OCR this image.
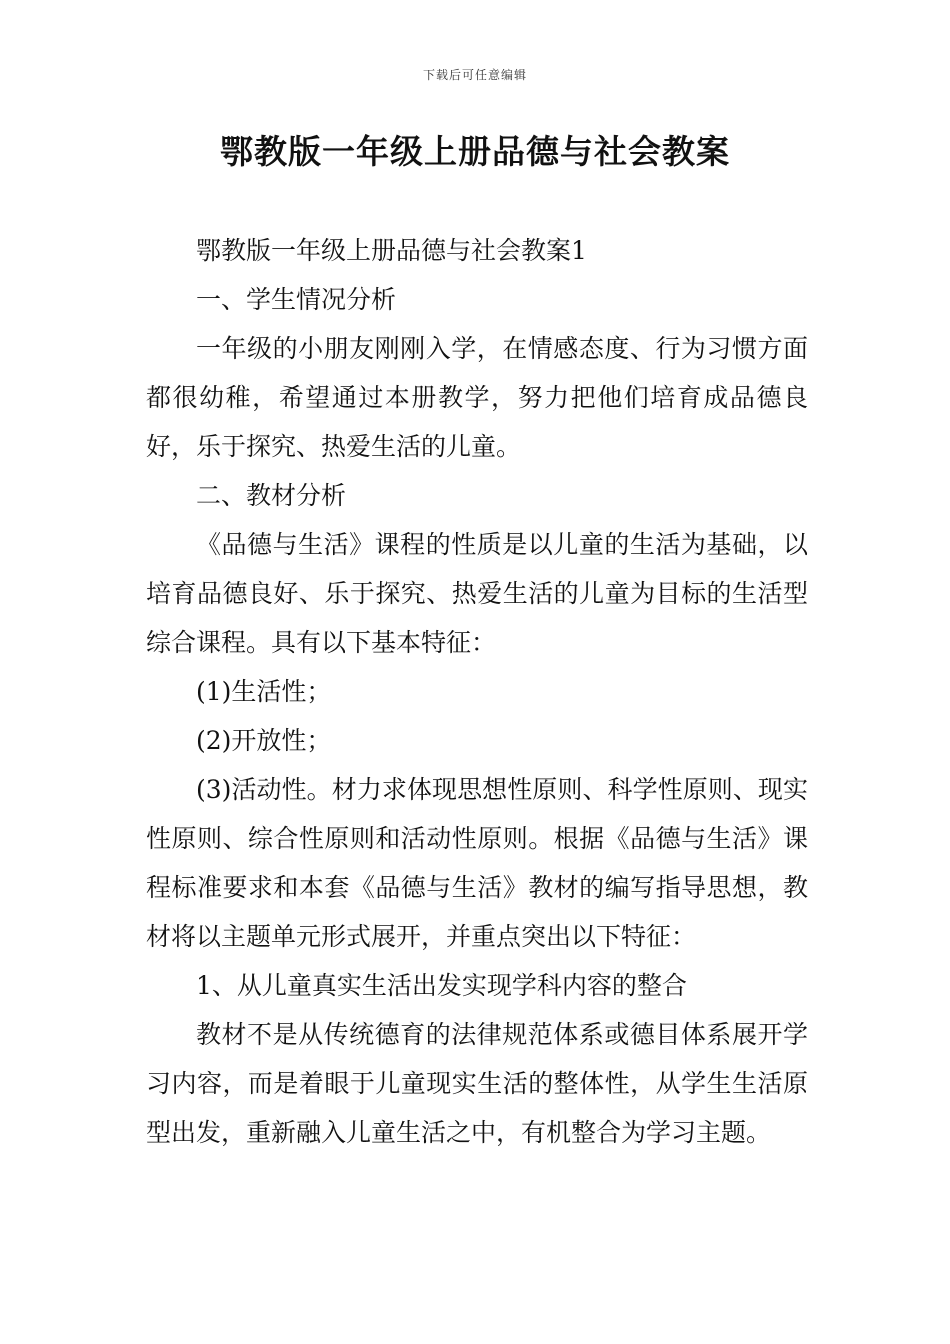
下载后可任意编辑
鄂教版一年级上册品德与社会教案

鄂教版一年级上册品德与社会教案1

一、学生情况分析

一年级的小朋友刚刚入学，在情感态度、行为习惯方面都很幼稚，希望通过本册教学，努力把他们培育成品德良好，乐于探究、热爱生活的儿童。

二、教材分析

《品德与生活》课程的性质是以儿童的生活为基础，以培育品德良好、乐于探究、热爱生活的儿童为目标的生活型综合课程。具有以下基本特征：

(1)生活性；

(2)开放性；

(3)活动性。材力求体现思想性原则、科学性原则、现实性原则、综合性原则和活动性原则。根据《品德与生活》课程标准要求和本套《品德与生活》教材的编写指导思想，教材将以主题单元形式展开，并重点突出以下特征：

1、从儿童真实生活出发实现学科内容的整合

教材不是从传统德育的法律规范体系或德目体系展开学习内容，而是着眼于儿童现实生活的整体性，从学生生活原型出发，重新融入儿童生活之中，有机整合为学习主题。
